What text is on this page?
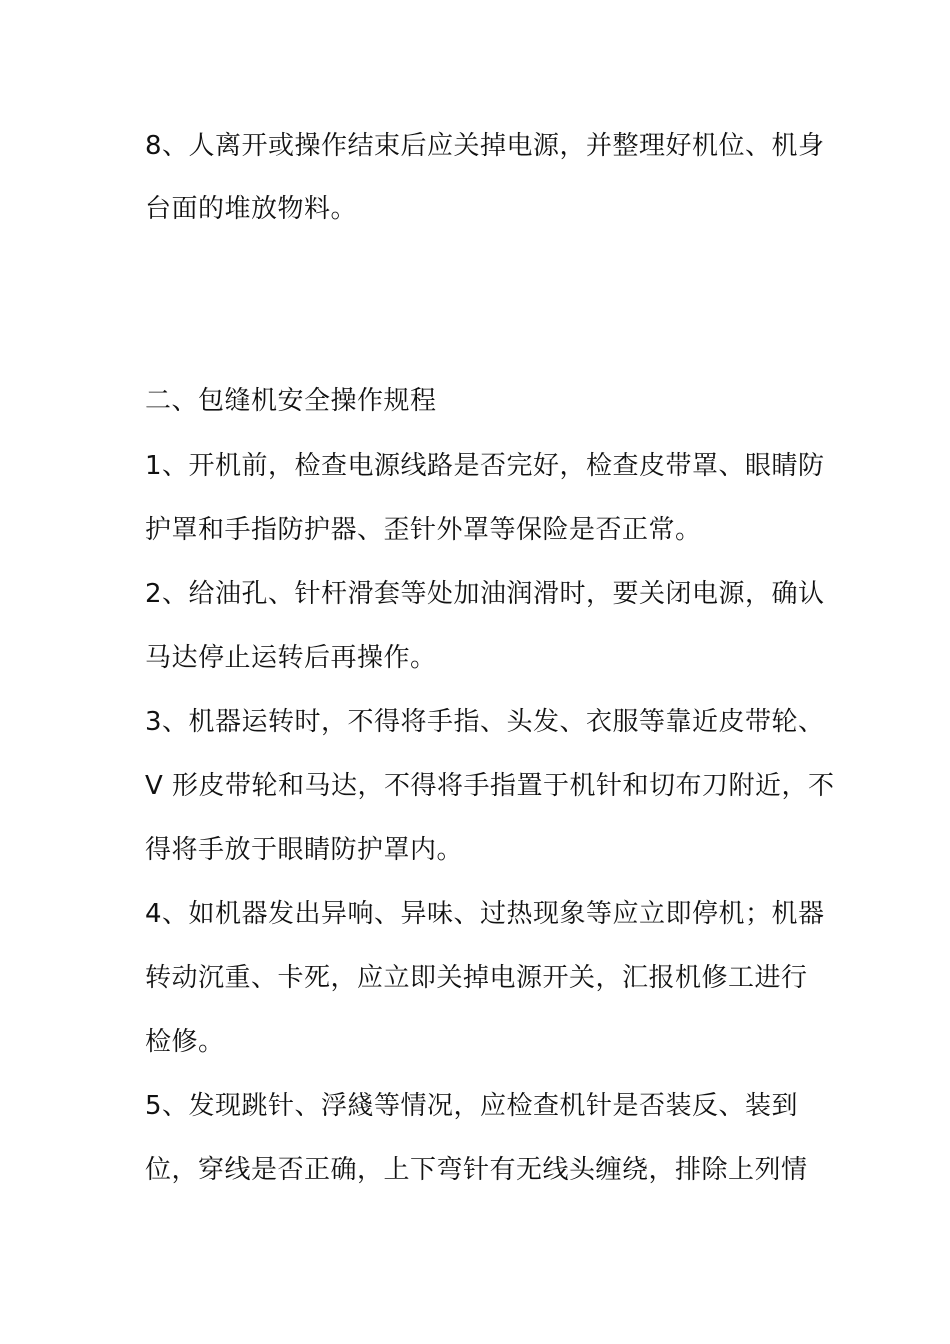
8、人离开或操作结束后应关掉电源，并整理好机位、机身
台面的堆放物料。
二、包缝机安全操作规程
1、开机前，检查电源线路是否完好，检查皮带罩、眼睛防
护罩和手指防护器、歪针外罩等保险是否正常。
2、给油孔、针杆滑套等处加油润滑时，要关闭电源，确认
马达停止运转后再操作。
3、机器运转时，不得将手指、头发、衣服等靠近皮带轮、
V 形皮带轮和马达，不得将手指置于机针和切布刀附近，不
得将手放于眼睛防护罩内。
4、如机器发出异响、异味、过热现象等应立即停机；机器
转动沉重、卡死，应立即关掉电源开关，汇报机修工进行
检修。
5、发现跳针、浮綫等情况，应检查机针是否装反、装到
位，穿线是否正确，上下弯针有无线头缠绕，排除上列情
